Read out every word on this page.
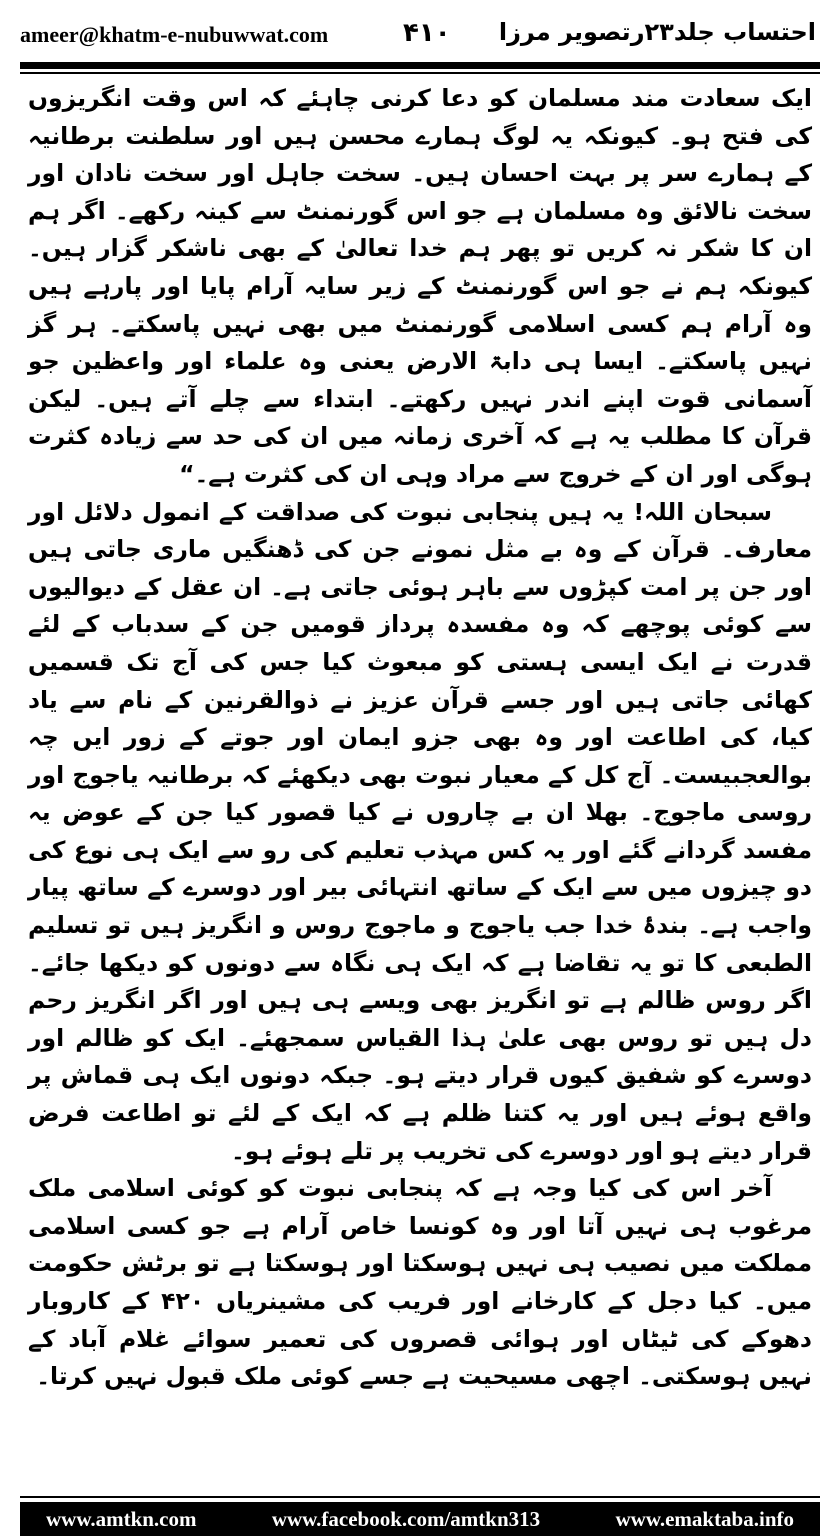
ameer@khatm-e-nubuwwat.com	۴۱۰ احتساب جلد۲۳رتصویر مرزا

ایک سعادت مند مسلمان کو دعا کرنی چاہئے کہ اس وقت انگریزوں کی فتح ہو۔ کیونکہ یہ لوگ ہمارے محسن ہیں اور سلطنت برطانیہ کے ہمارے سر پر بہت احسان ہیں۔ سخت جاہل اور سخت نادان اور سخت نالائق وہ مسلمان ہے جو اس گورنمنٹ سے کینہ رکھے۔ اگر ہم ان کا شکر نہ کریں تو پھر ہم خدا تعالیٰ کے بھی ناشکر گزار ہیں۔ کیونکہ ہم نے جو اس گورنمنٹ کے زیر سایہ آرام پایا اور پارہے ہیں وہ آرام ہم کسی اسلامی گورنمنٹ میں بھی نہیں پاسکتے۔ ہر گز نہیں پاسکتے۔ ایسا ہی دابۃ الارض یعنی وہ علماء اور واعظین جو آسمانی قوت اپنے اندر نہیں رکھتے۔ ابتداء سے چلے آتے ہیں۔ لیکن قرآن کا مطلب یہ ہے کہ آخری زمانہ میں ان کی حد سے زیادہ کثرت ہوگی اور ان کے خروج سے مراد وہی ان کی کثرت ہے۔“

سبحان اللہ! یہ ہیں پنجابی نبوت کی صداقت کے انمول دلائل اور معارف۔ قرآن کے وہ بے مثل نمونے جن کی ڈھنگیں ماری جاتی ہیں اور جن پر امت کپڑوں سے باہر ہوئی جاتی ہے۔ ان عقل کے دیوالیوں سے کوئی پوچھے کہ وہ مفسدہ پرداز قومیں جن کے سدباب کے لئے قدرت نے ایک ایسی ہستی کو مبعوث کیا جس کی آج تک قسمیں کھائی جاتی ہیں اور جسے قرآن عزیز نے ذوالقرنین کے نام سے یاد کیا، کی اطاعت اور وہ بھی جزو ایمان اور جوتے کے زور ایں چہ بوالعجبیست۔ آج کل کے معیار نبوت بھی دیکھئے کہ برطانیہ یاجوج اور روسی ماجوج۔ بھلا ان بے چاروں نے کیا قصور کیا جن کے عوض یہ مفسد گردانے گئے اور یہ کس مہذب تعلیم کی رو سے ایک ہی نوع کی دو چیزوں میں سے ایک کے ساتھ انتہائی بیر اور دوسرے کے ساتھ پیار واجب ہے۔ بندۂ خدا جب یاجوج و ماجوج روس و انگریز ہیں تو تسلیم الطبعی کا تو یہ تقاضا ہے کہ ایک ہی نگاہ سے دونوں کو دیکھا جائے۔ اگر روس ظالم ہے تو انگریز بھی ویسے ہی ہیں اور اگر انگریز رحم دل ہیں تو روس بھی علیٰ ہذا القیاس سمجھئے۔ ایک کو ظالم اور دوسرے کو شفیق کیوں قرار دیتے ہو۔ جبکہ دونوں ایک ہی قماش پر واقع ہوئے ہیں اور یہ کتنا ظلم ہے کہ ایک کے لئے تو اطاعت فرض قرار دیتے ہو اور دوسرے کی تخریب پر تلے ہوئے ہو۔

آخر اس کی کیا وجہ ہے کہ پنجابی نبوت کو کوئی اسلامی ملک مرغوب ہی نہیں آتا اور وہ کونسا خاص آرام ہے جو کسی اسلامی مملکت میں نصیب ہی نہیں ہوسکتا اور ہوسکتا ہے تو برٹش حکومت میں۔ کیا دجل کے کارخانے اور فریب کی مشینریاں ۴۲۰ کے کاروبار دھوکے کی ٹیٹاں اور ہوائی قصروں کی تعمیر سوائے غلام آباد کے نہیں ہوسکتی۔ اچھی مسیحیت ہے جسے کوئی ملک قبول نہیں کرتا۔

www.amtkn.com	www.facebook.com/amtkn313	www.emaktaba.info
